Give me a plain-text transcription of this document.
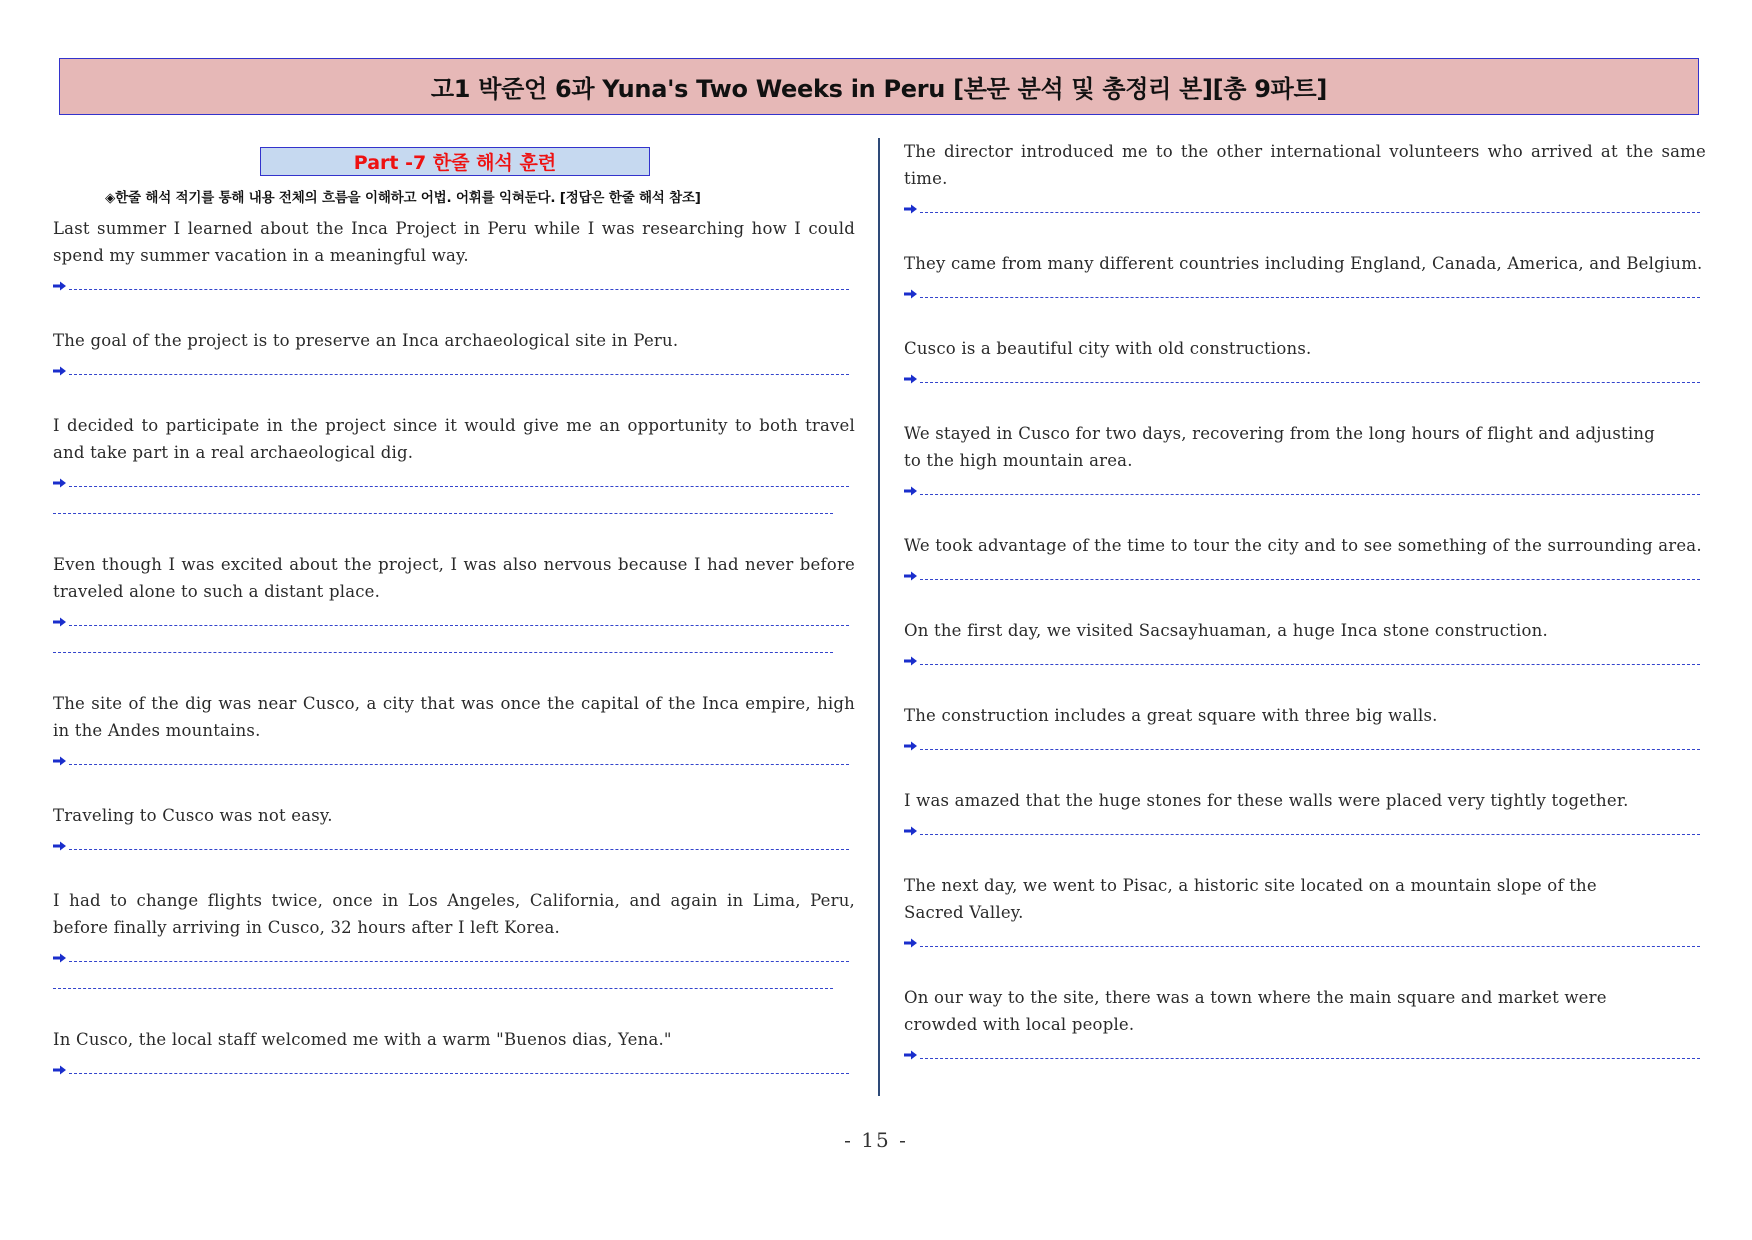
고1 박준언 6과 Yuna's Two Weeks in Peru [본문 분석 및 총정리 본][총 9파트]
Part -7 한줄 해석 훈련
◈한줄 해석 적기를 통해 내용 전체의 흐름을 이해하고 어법. 어휘를 익혀둔다. [정답은 한줄 해석 참조]
Last summer I learned about the Inca Project in Peru while I was researching how I could spend my summer vacation in a meaningful way.
The goal of the project is to preserve an Inca archaeological site in Peru.
I decided to participate in the project since it would give me an opportunity to both travel and take part in a real archaeological dig.
Even though I was excited about the project, I was also nervous because I had never before traveled alone to such a distant place.
The site of the dig was near Cusco, a city that was once the capital of the Inca empire, high in the Andes mountains.
Traveling to Cusco was not easy.
I had to change flights twice, once in Los Angeles, California, and again in Lima, Peru, before finally arriving in Cusco, 32 hours after I left Korea.
In Cusco, the local staff welcomed me with a warm "Buenos dias, Yena."
The director introduced me to the other international volunteers who arrived at the same time.
They came from many different countries including England, Canada, America, and Belgium.
Cusco is a beautiful city with old constructions.
We stayed in Cusco for two days, recovering from the long hours of flight and adjusting
to the high mountain area.
We took advantage of the time to tour the city and to see something of the surrounding area.
On the first day, we visited Sacsayhuaman, a huge Inca stone construction.
The construction includes a great square with three big walls.
I was amazed that the huge stones for these walls were placed very tightly together.
The next day, we went to Pisac, a historic site located on a mountain slope of the
Sacred Valley.
On our way to the site, there was a town where the main square and market were
crowded with local people.
- 15 -
